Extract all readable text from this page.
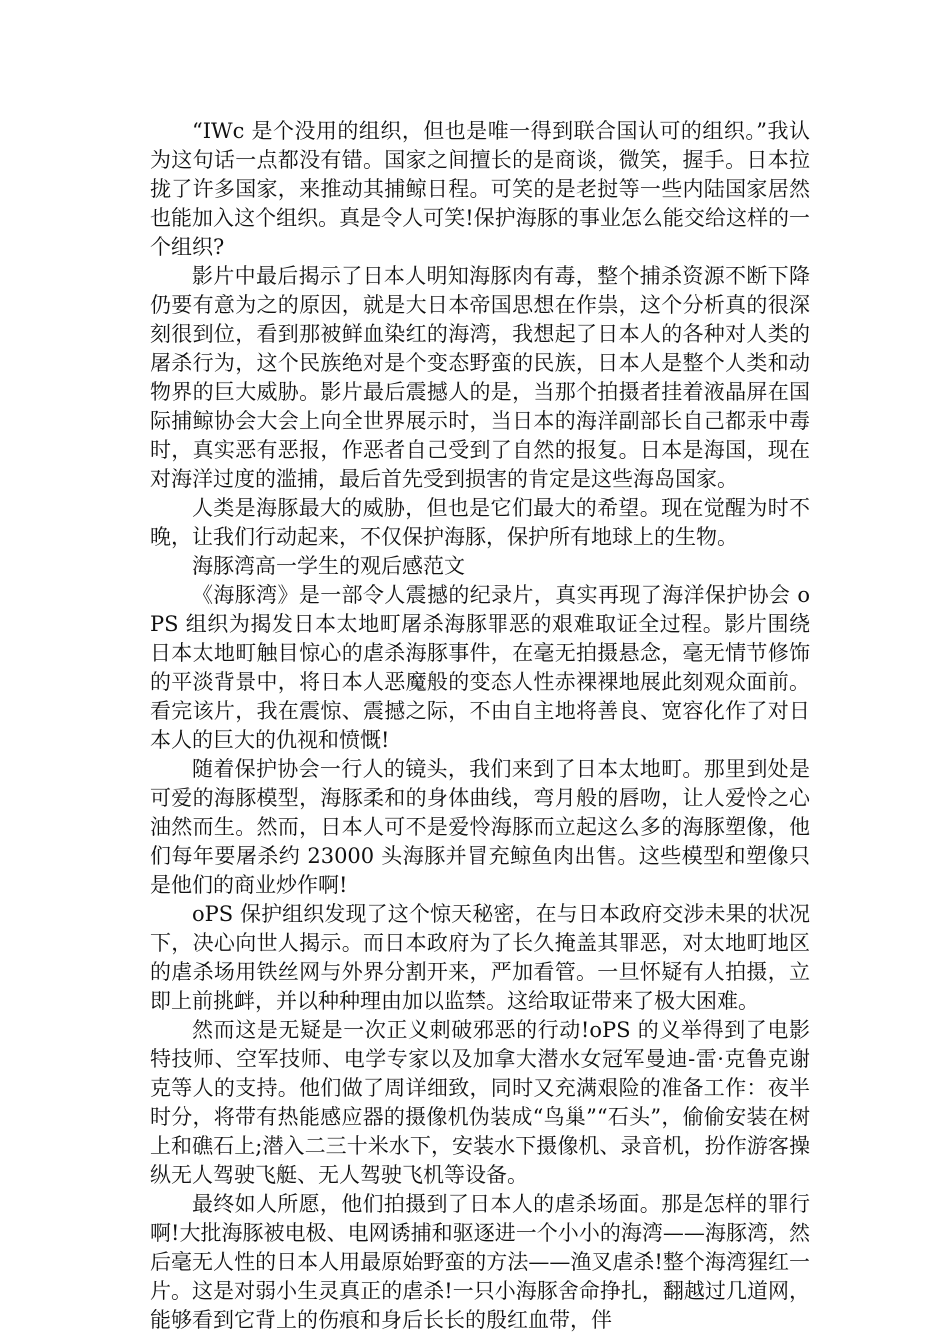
“IWc 是个没用的组织，但也是唯一得到联合国认可的组织。”我认为这句话一点都没有错。国家之间擅长的是商谈，微笑，握手。日本拉拢了许多国家，来推动其捕鲸日程。可笑的是老挝等一些内陆国家居然也能加入这个组织。真是令人可笑!保护海豚的事业怎么能交给这样的一个组织?

影片中最后揭示了日本人明知海豚肉有毒，整个捕杀资源不断下降仍要有意为之的原因，就是大日本帝国思想在作祟，这个分析真的很深刻很到位，看到那被鲜血染红的海湾，我想起了日本人的各种对人类的屠杀行为，这个民族绝对是个变态野蛮的民族，日本人是整个人类和动物界的巨大威胁。影片最后震撼人的是，当那个拍摄者挂着液晶屏在国际捕鲸协会大会上向全世界展示时，当日本的海洋副部长自己都汞中毒时，真实恶有恶报，作恶者自己受到了自然的报复。日本是海国，现在对海洋过度的滥捕，最后首先受到损害的肯定是这些海岛国家。

人类是海豚最大的威胁，但也是它们最大的希望。现在觉醒为时不晚，让我们行动起来，不仅保护海豚，保护所有地球上的生物。

海豚湾高一学生的观后感范文

《海豚湾》是一部令人震撼的纪录片，真实再现了海洋保护协会 oPS 组织为揭发日本太地町屠杀海豚罪恶的艰难取证全过程。影片围绕日本太地町触目惊心的虐杀海豚事件，在毫无拍摄悬念，毫无情节修饰的平淡背景中，将日本人恶魔般的变态人性赤裸裸地展此刻观众面前。看完该片，我在震惊、震撼之际，不由自主地将善良、宽容化作了对日本人的巨大的仇视和愤慨!

随着保护协会一行人的镜头，我们来到了日本太地町。那里到处是可爱的海豚模型，海豚柔和的身体曲线，弯月般的唇吻，让人爱怜之心油然而生。然而，日本人可不是爱怜海豚而立起这么多的海豚塑像，他们每年要屠杀约 23000 头海豚并冒充鲸鱼肉出售。这些模型和塑像只是他们的商业炒作啊!

oPS 保护组织发现了这个惊天秘密，在与日本政府交涉未果的状况下，决心向世人揭示。而日本政府为了长久掩盖其罪恶，对太地町地区的虐杀场用铁丝网与外界分割开来，严加看管。一旦怀疑有人拍摄，立即上前挑衅，并以种种理由加以监禁。这给取证带来了极大困难。

然而这是无疑是一次正义刺破邪恶的行动!oPS 的义举得到了电影特技师、空军技师、电学专家以及加拿大潜水女冠军曼迪-雷·克鲁克谢克等人的支持。他们做了周详细致，同时又充满艰险的准备工作：夜半时分，将带有热能感应器的摄像机伪装成“鸟巢”“石头”，偷偷安装在树上和礁石上;潜入二三十米水下，安装水下摄像机、录音机，扮作游客操纵无人驾驶飞艇、无人驾驶飞机等设备。

最终如人所愿，他们拍摄到了日本人的虐杀场面。那是怎样的罪行啊!大批海豚被电极、电网诱捕和驱逐进一个小小的海湾——海豚湾，然后毫无人性的日本人用最原始野蛮的方法——渔叉虐杀!整个海湾猩红一片。这是对弱小生灵真正的虐杀!一只小海豚舍命挣扎，翻越过几道网，能够看到它背上的伤痕和身后长长的殷红血带，伴
